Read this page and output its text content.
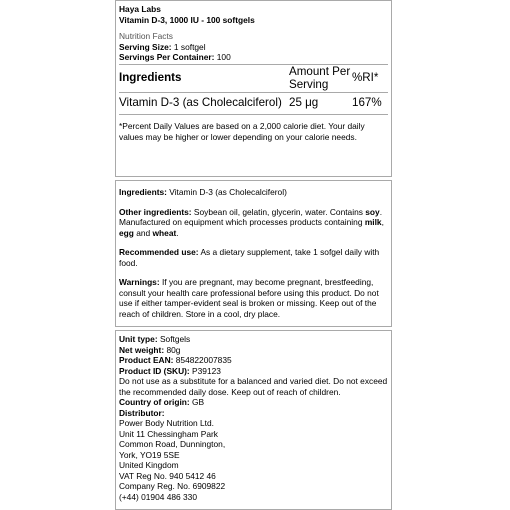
Haya Labs
Vitamin D-3, 1000 IU - 100 softgels
Nutrition Facts
Serving Size: 1 softgel
Servings Per Container: 100
Ingredients	Amount Per Serving	%RI*
Vitamin D-3 (as Cholecalciferol)	25 μg	167%
*Percent Daily Values are based on a 2,000 calorie diet. Your daily values may be higher or lower depending on your calorie needs.

Ingredients: Vitamin D-3 (as Cholecalciferol)

Other ingredients: Soybean oil, gelatin, glycerin, water. Contains soy. Manufactured on equipment which processes products containing milk, egg and wheat.

Recommended use: As a dietary supplement, take 1 sofgel daily with food.

Warnings: If you are pregnant, may become pregnant, brestfeeding, consult your health care professional before using this product. Do not use if either tamper-evident seal is broken or missing. Keep out of the reach of children. Store in a cool, dry place.

Unit type: Softgels
Net weight: 80g
Product EAN: 854822007835
Product ID (SKU): P39123
Do not use as a substitute for a balanced and varied diet. Do not exceed the recommended daily dose. Keep out of reach of children.
Country of origin: GB
Distributor:
Power Body Nutrition Ltd.
Unit 11 Chessingham Park
Common Road, Dunnington,
York, YO19 5SE
United Kingdom
VAT Reg No. 940 5412 46
Company Reg. No. 6909822
(+44) 01904 486 330
